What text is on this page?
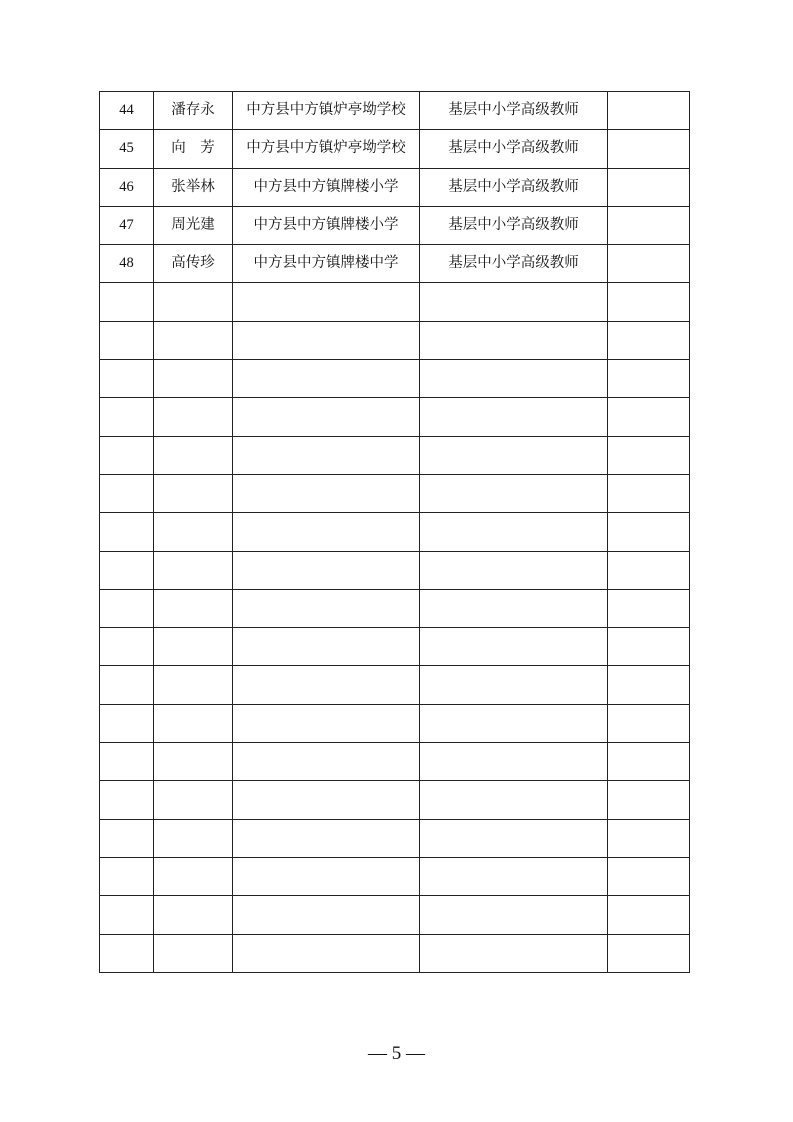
44	潘存永	中方县中方镇炉亭坳学校	基层中小学高级教师	
45	向　芳	中方县中方镇炉亭坳学校	基层中小学高级教师	
46	张举林	中方县中方镇牌楼小学	基层中小学高级教师	
47	周光建	中方县中方镇牌楼小学	基层中小学高级教师	
48	高传珍	中方县中方镇牌楼中学	基层中小学高级教师	

— 5 —
